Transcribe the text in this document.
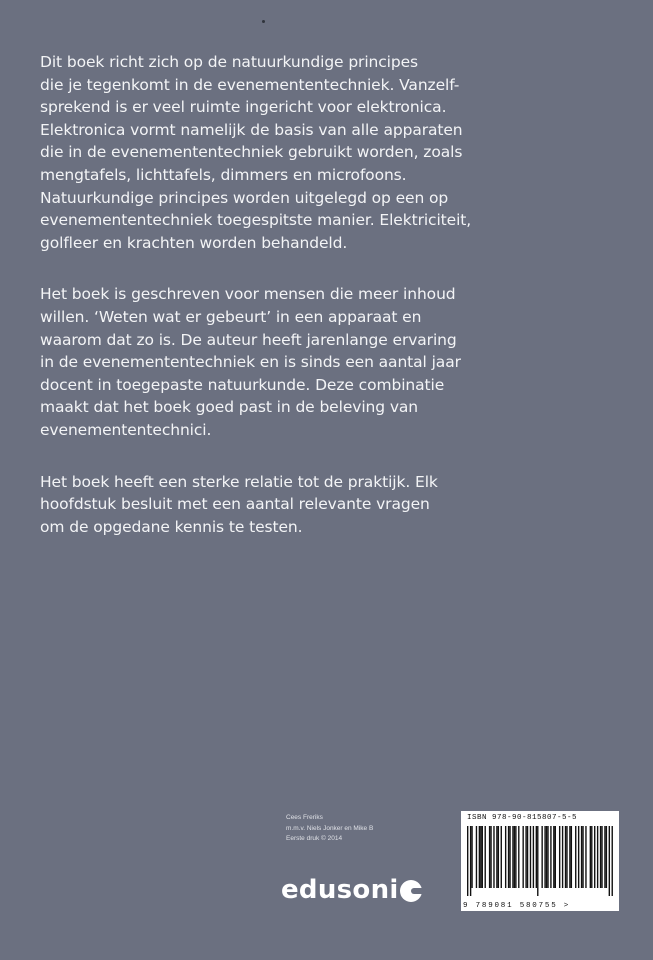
Dit boek richt zich op de natuurkundige principes
die je tegenkomt in de evenemententechniek. Vanzelf-
sprekend is er veel ruimte ingericht voor elektronica.
Elektronica vormt namelijk de basis van alle apparaten
die in de evenemententechniek gebruikt worden, zoals
mengtafels, lichttafels, dimmers en microfoons.
Natuurkundige principes worden uitgelegd op een op
evenemententechniek toegespitste manier. Elektriciteit,
golfleer en krachten worden behandeld.

Het boek is geschreven voor mensen die meer inhoud
willen. ‘Weten wat er gebeurt’ in een apparaat en
waarom dat zo is. De auteur heeft jarenlange ervaring
in de evenemententechniek en is sinds een aantal jaar
docent in toegepaste natuurkunde. Deze combinatie
maakt dat het boek goed past in de beleving van
evenemententechnici.

Het boek heeft een sterke relatie tot de praktijk. Elk
hoofdstuk besluit met een aantal relevante vragen
om de opgedane kennis te testen.

Cees Freriks
m.m.v. Niels Jonker en Mike B
Eerste druk © 2014
edusoni
ISBN 978-90-815807-5-5
9 789081 580755 >
